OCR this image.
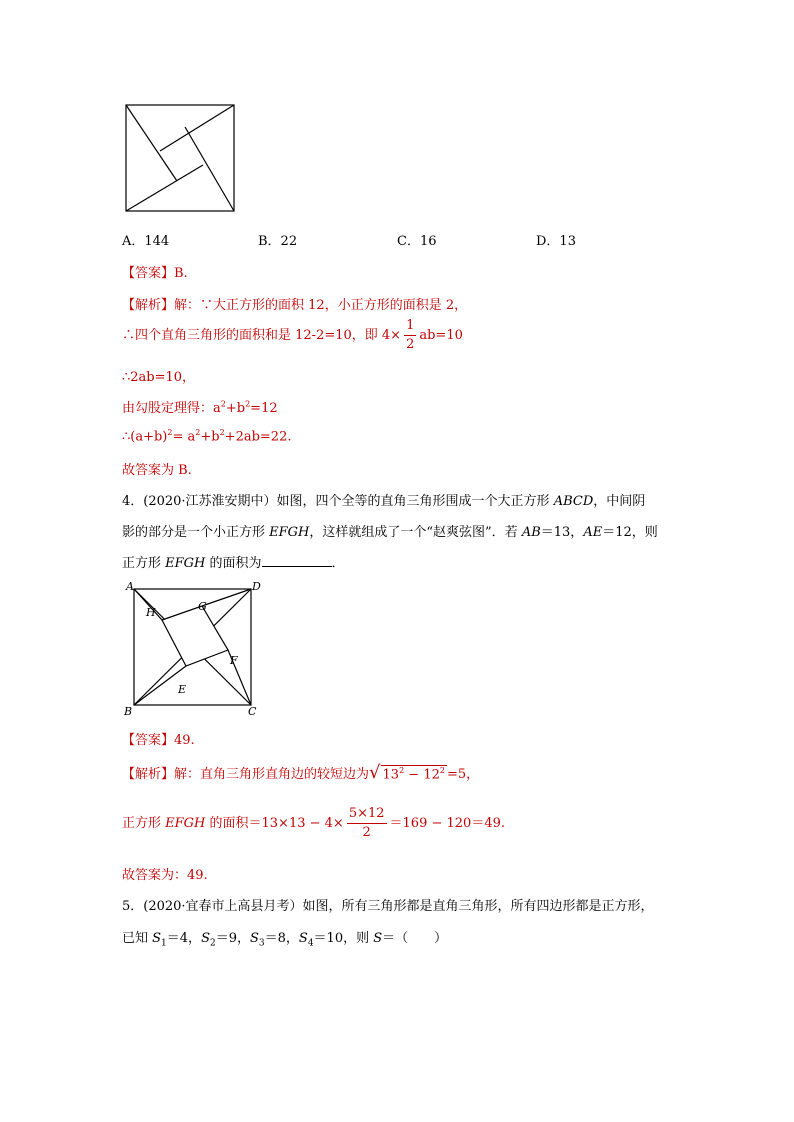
A．144	B．22	C．16	D．13
【答案】B.
【解析】解：∵大正方形的面积 12，小正方形的面积是 2，
∴四个直角三角形的面积和是 12-2=10，即 $4\times \frac{1}{2} ab=10$
∴2ab=10，
由勾股定理得：$a^2+b^2=12$
$\therefore(a+b)^2= a^2+b^2+2ab=22$.
故答案为 B.
4．(2020·江苏淮安期中）如图，四个全等的直角三角形围成一个大正方形 ABCD，中间阴
影的部分是一个小正方形 EFGH，这样就组成了一个“赵爽弦图”．若 AB＝13，AE＝12，则
正方形 EFGH 的面积为	．
A	D
B	C
G
H
F
E
【答案】49.
【解析】解：直角三角形直角边的较短边为√ $13^2 - 12^2 =5$，
正方形 EFGH 的面积$=13\times 13 - 4\times \frac{5\times 12}{2} =169 - 120=49$.
故答案为：49.
5．(2020·宜春市上高县月考）如图，所有三角形都是直角三角形，所有四边形都是正方形，
已知 $S_1=4$，$S_2=9$，$S_3=8$，$S_4=10$，则 S＝（　　）
